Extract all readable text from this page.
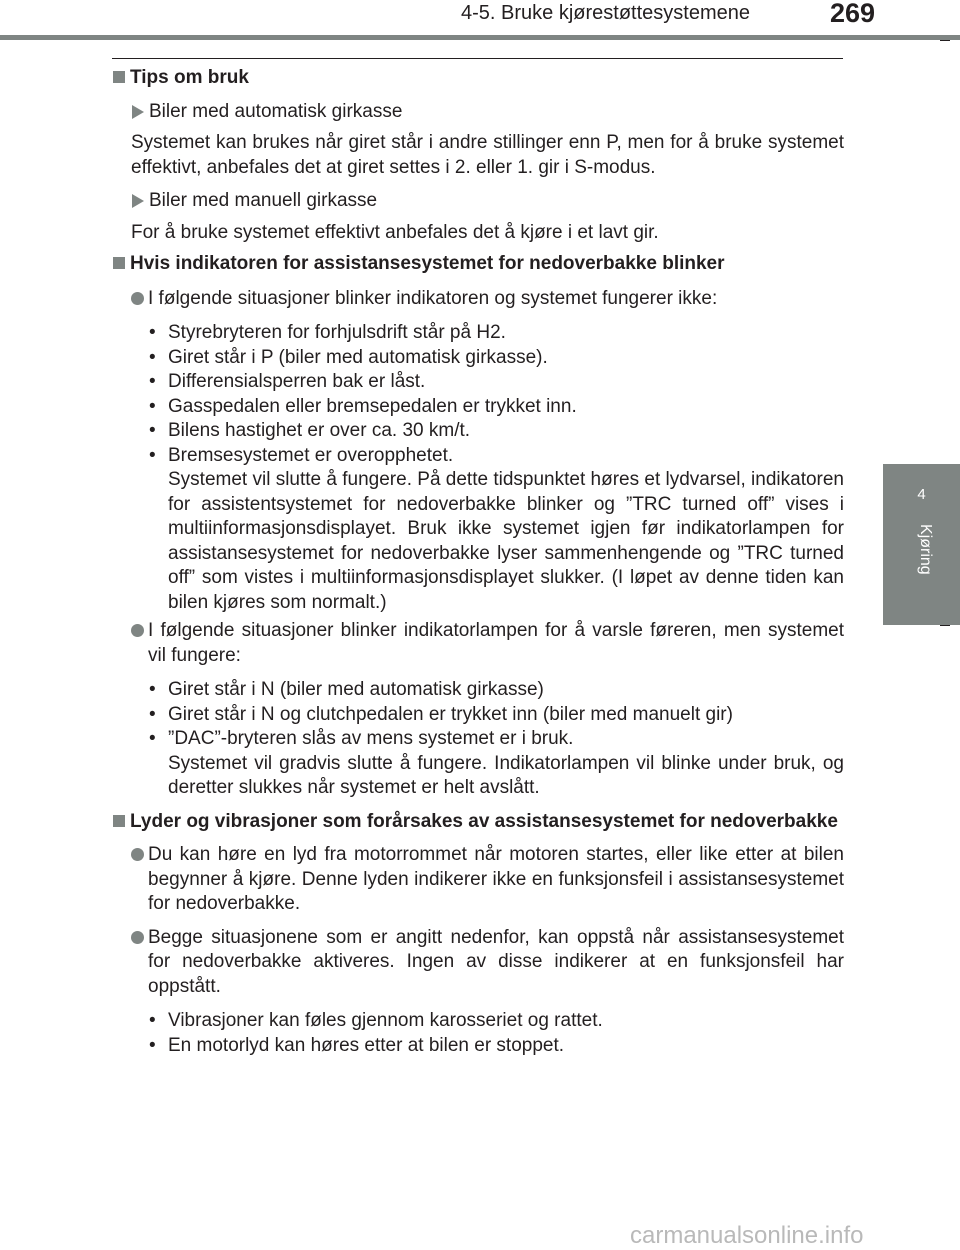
4-5. Bruke kjørestøttesystemene	269
4
Kjøring
Tips om bruk
Biler med automatisk girkasse
Systemet kan brukes når giret står i andre stillinger enn P, men for å bruke systemet effektivt, anbefales det at giret settes i 2. eller 1. gir i S-modus.
Biler med manuell girkasse
For å bruke systemet effektivt anbefales det å kjøre i et lavt gir.
Hvis indikatoren for assistansesystemet for nedoverbakke blinker
I følgende situasjoner blinker indikatoren og systemet fungerer ikke:
• Styrebryteren for forhjulsdrift står på H2.
• Giret står i P (biler med automatisk girkasse).
• Differensialsperren bak er låst.
• Gasspedalen eller bremsepedalen er trykket inn.
• Bilens hastighet er over ca. 30 km/t.
• Bremsesystemet er overopphetet.
Systemet vil slutte å fungere. På dette tidspunktet høres et lydvarsel, indikatoren for assistentsystemet for nedoverbakke blinker og ”TRC turned off” vises i multiinformasjonsdisplayet. Bruk ikke systemet igjen før indikatorlampen for assistansesystemet for nedoverbakke lyser sammenhengende og ”TRC turned off” som vistes i multiinformasjonsdisplayet slukker. (I løpet av denne tiden kan bilen kjøres som normalt.)
I følgende situasjoner blinker indikatorlampen for å varsle føreren, men systemet vil fungere:
• Giret står i N (biler med automatisk girkasse)
• Giret står i N og clutchpedalen er trykket inn (biler med manuelt gir)
• ”DAC”-bryteren slås av mens systemet er i bruk.
Systemet vil gradvis slutte å fungere. Indikatorlampen vil blinke under bruk, og deretter slukkes når systemet er helt avslått.
Lyder og vibrasjoner som forårsakes av assistansesystemet for nedoverbakke
Du kan høre en lyd fra motorrommet når motoren startes, eller like etter at bilen begynner å kjøre. Denne lyden indikerer ikke en funksjonsfeil i assistansesystemet for nedoverbakke.
Begge situasjonene som er angitt nedenfor, kan oppstå når assistansesystemet for nedoverbakke aktiveres. Ingen av disse indikerer at en funksjonsfeil har oppstått.
• Vibrasjoner kan føles gjennom karosseriet og rattet.
• En motorlyd kan høres etter at bilen er stoppet.
carmanualsonline.info
